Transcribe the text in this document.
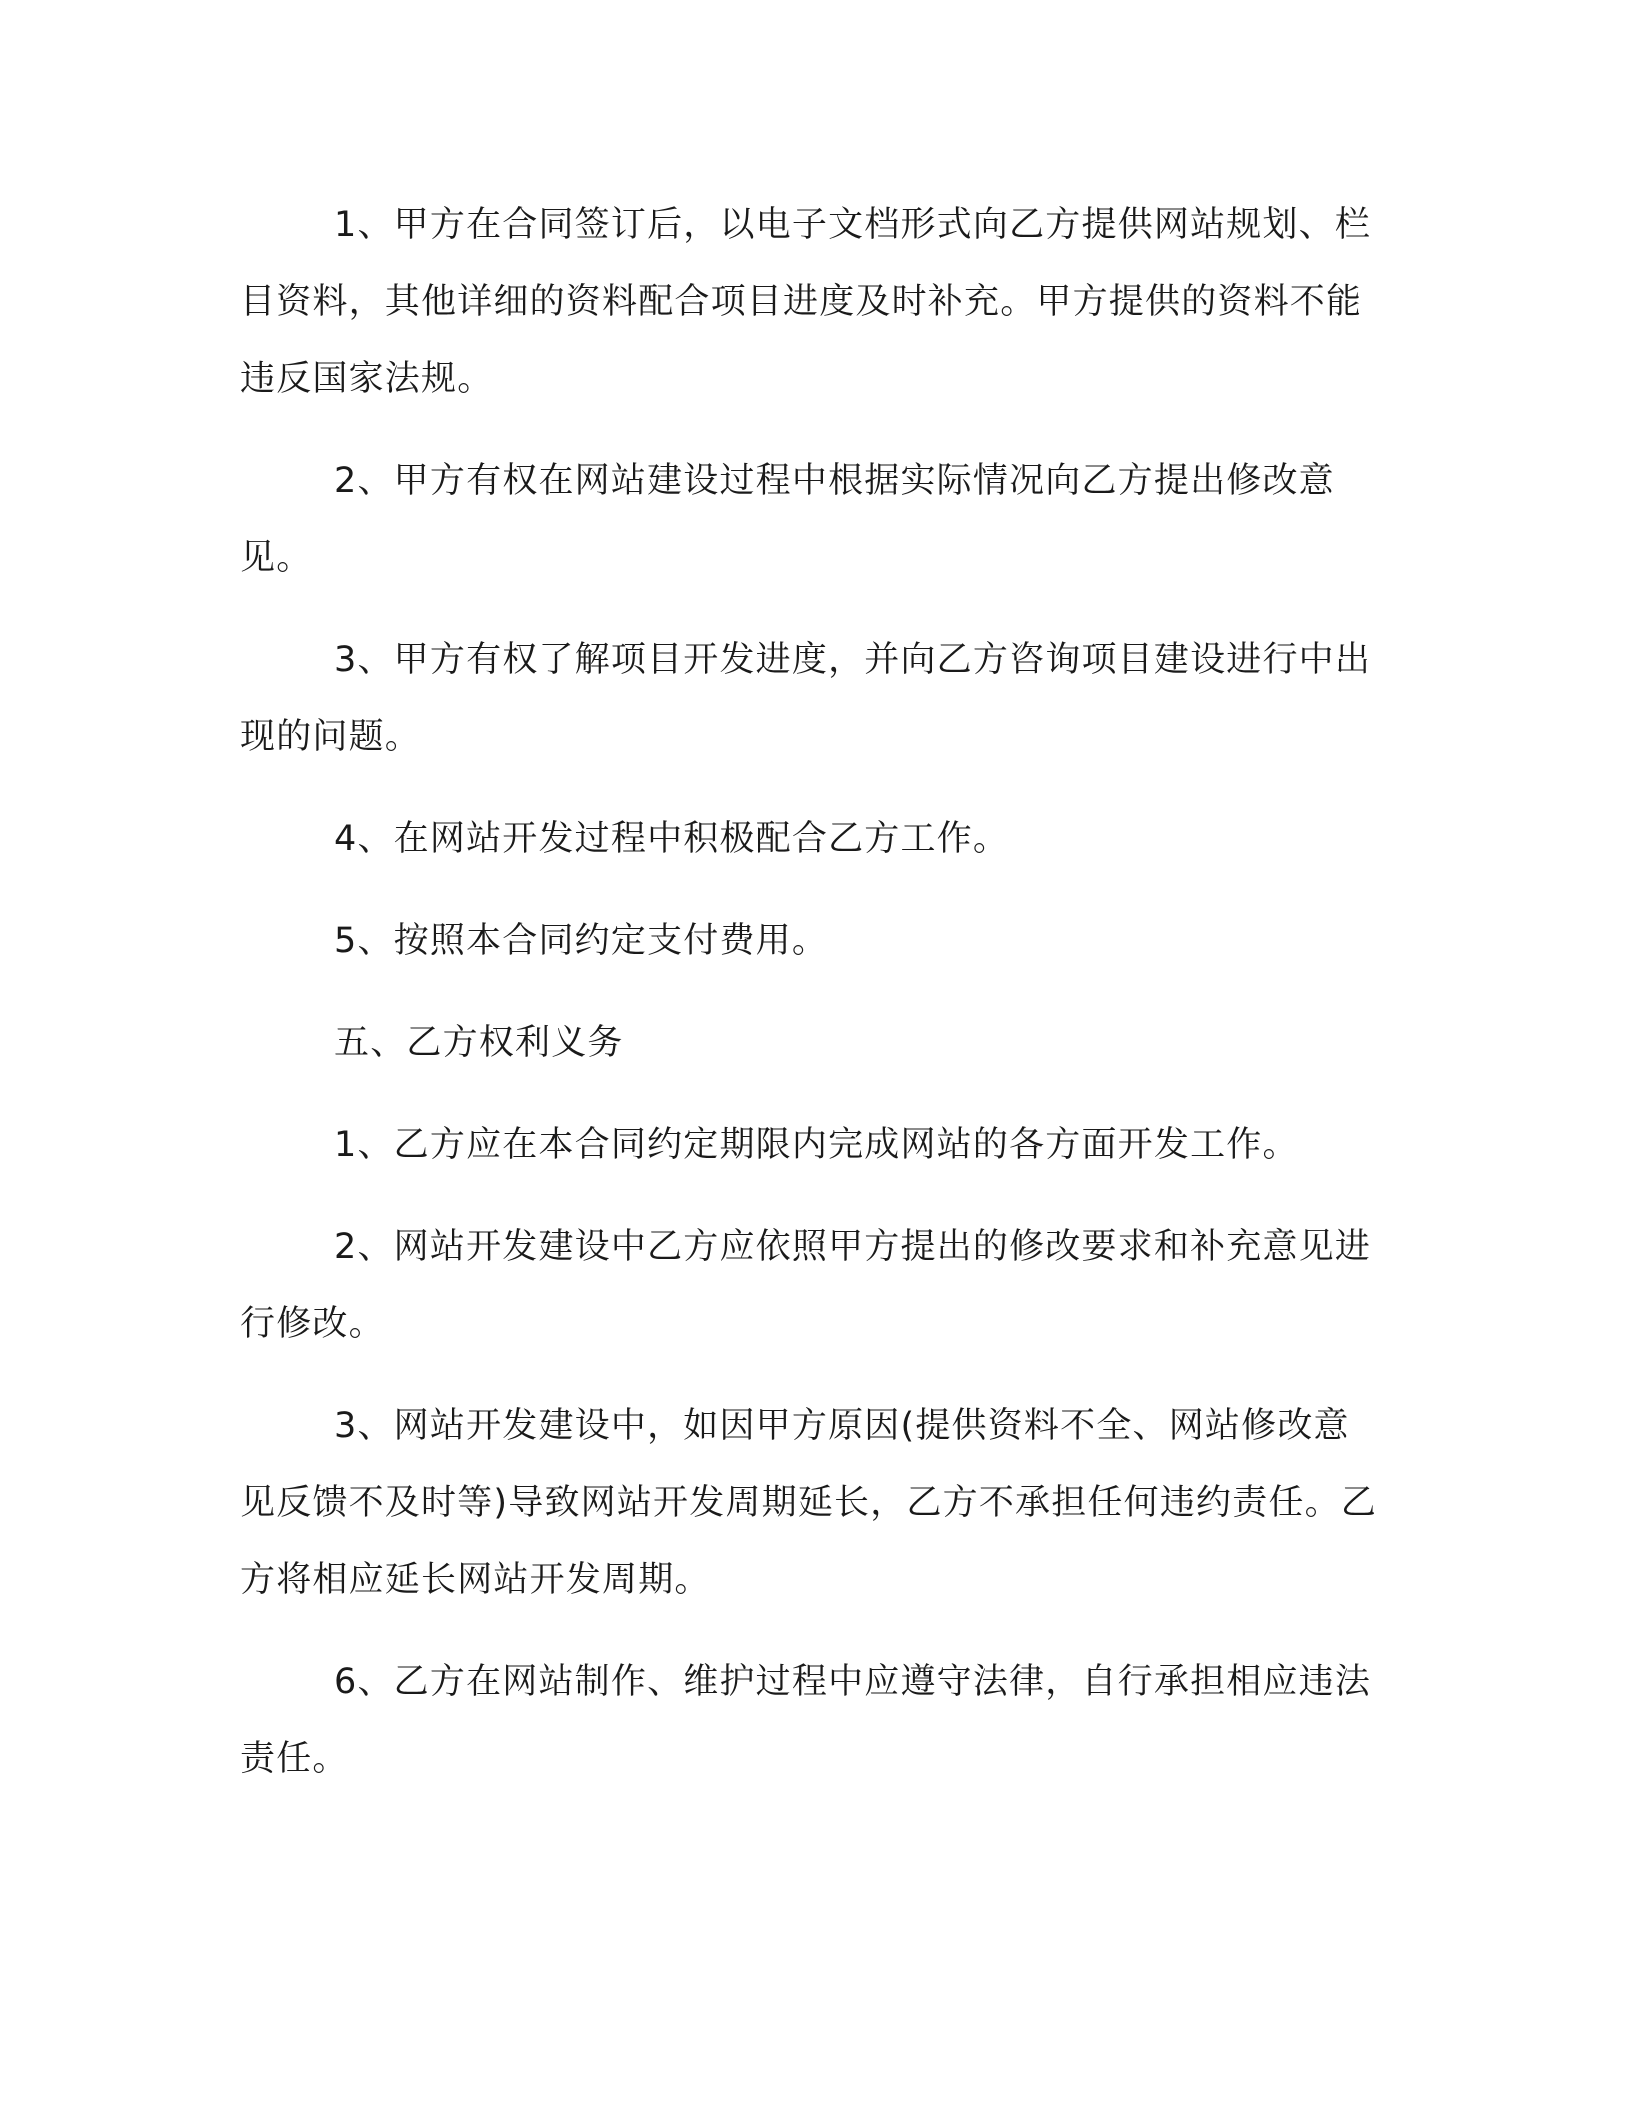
1、甲方在合同签订后，以电子文档形式向乙方提供网站规划、栏目资料，其他详细的资料配合项目进度及时补充。甲方提供的资料不能违反国家法规。

2、甲方有权在网站建设过程中根据实际情况向乙方提出修改意见。

3、甲方有权了解项目开发进度，并向乙方咨询项目建设进行中出现的问题。

4、在网站开发过程中积极配合乙方工作。

5、按照本合同约定支付费用。

五、乙方权利义务

1、乙方应在本合同约定期限内完成网站的各方面开发工作。

2、网站开发建设中乙方应依照甲方提出的修改要求和补充意见进行修改。

3、网站开发建设中，如因甲方原因(提供资料不全、网站修改意见反馈不及时等)导致网站开发周期延长，乙方不承担任何违约责任。乙方将相应延长网站开发周期。

6、乙方在网站制作、维护过程中应遵守法律，自行承担相应违法责任。
